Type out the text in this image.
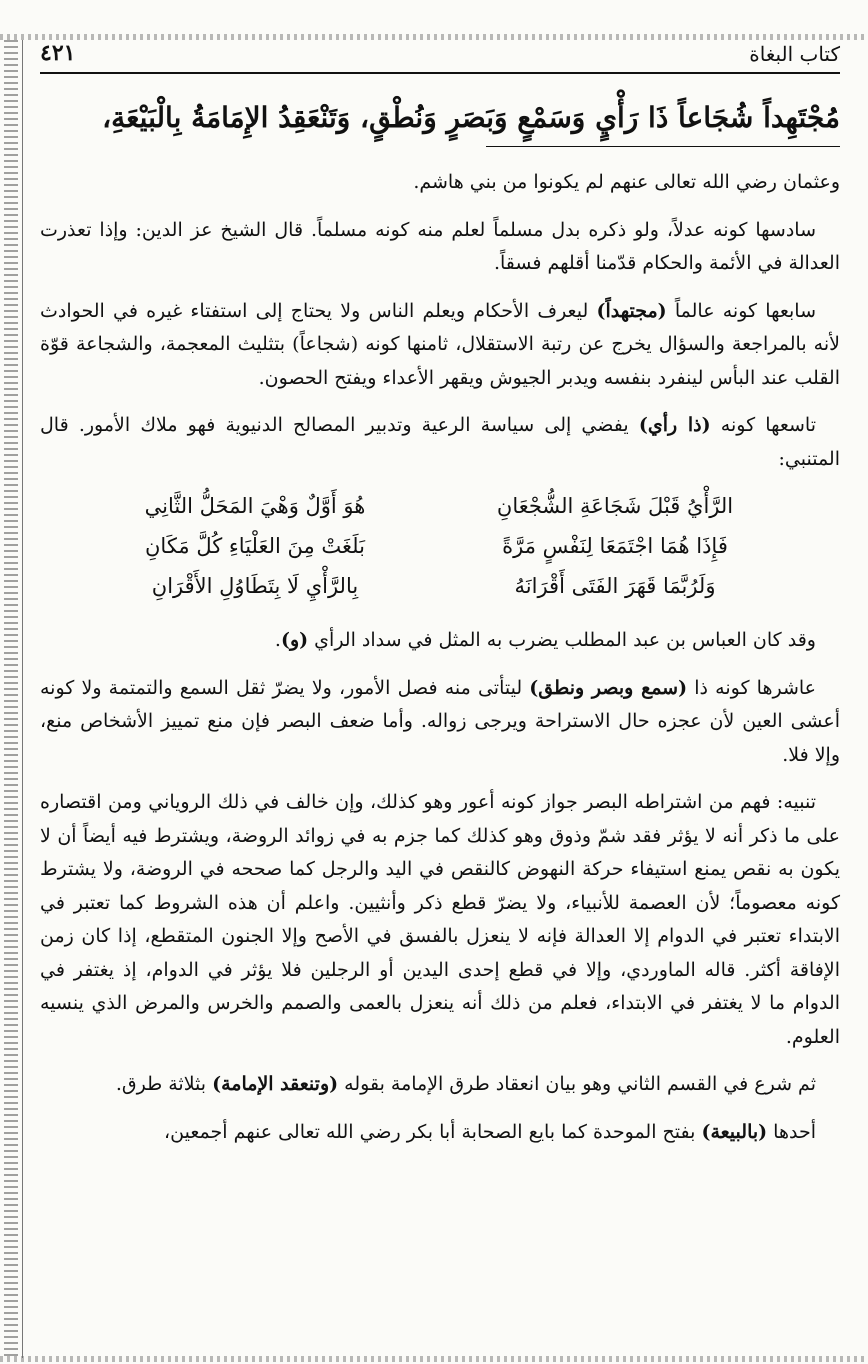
كتاب البغاة
٤٢١
مُجْتَهِداً شُجَاعاً ذَا رَأْيٍ وَسَمْعٍ وَبَصَرٍ وَنُطْقٍ، وَتَنْعَقِدُ الإِمَامَةُ بِالْبَيْعَةِ،

وعثمان رضي الله تعالى عنهم لم يكونوا من بني هاشم.

سادسها كونه عدلاً، ولو ذكره بدل مسلماً لعلم منه كونه مسلماً. قال الشيخ عز الدين: وإذا تعذرت العدالة في الأئمة والحكام قدّمنا أقلهم فسقاً.

سابعها كونه عالماً (مجتهداً) ليعرف الأحكام ويعلم الناس ولا يحتاج إلى استفتاء غيره في الحوادث لأنه بالمراجعة والسؤال يخرج عن رتبة الاستقلال، ثامنها كونه (شجاعاً) بتثليث المعجمة، والشجاعة قوّة القلب عند البأس لينفرد بنفسه ويدبر الجيوش ويقهر الأعداء ويفتح الحصون.

تاسعها كونه (ذا رأي) يفضي إلى سياسة الرعية وتدبير المصالح الدنيوية فهو ملاك الأمور. قال المتنبي:

الرَّأْيُ قَبْلَ شَجَاعَةِ الشُّجْعَانِ
هُوَ أَوَّلٌ وَهْيَ المَحَلُّ الثَّانِي
فَإِذَا هُمَا اجْتَمَعَا لِنَفْسٍ مَرَّةً
بَلَغَتْ مِنَ العَلْيَاءِ كُلَّ مَكَانِ
وَلَرُبَّمَا قَهَرَ الفَتَى أَقْرَانَهُ
بِالرَّأْيِ لَا بِتَطَاوُلِ الأَقْرَانِ

وقد كان العباس بن عبد المطلب يضرب به المثل في سداد الرأي (و).

عاشرها كونه ذا (سمع وبصر ونطق) ليتأتى منه فصل الأمور، ولا يضرّ ثقل السمع والتمتمة ولا كونه أعشى العين لأن عجزه حال الاستراحة ويرجى زواله. وأما ضعف البصر فإن منع تمييز الأشخاص منع، وإلا فلا.

تنبيه: فهم من اشتراطه البصر جواز كونه أعور وهو كذلك، وإن خالف في ذلك الروياني ومن اقتصاره على ما ذكر أنه لا يؤثر فقد شمّ وذوق وهو كذلك كما جزم به في زوائد الروضة، ويشترط فيه أيضاً أن لا يكون به نقص يمنع استيفاء حركة النهوض كالنقص في اليد والرجل كما صححه في الروضة، ولا يشترط كونه معصوماً؛ لأن العصمة للأنبياء، ولا يضرّ قطع ذكر وأنثيين. واعلم أن هذه الشروط كما تعتبر في الابتداء تعتبر في الدوام إلا العدالة فإنه لا ينعزل بالفسق في الأصح وإلا الجنون المتقطع، إذا كان زمن الإفاقة أكثر. قاله الماوردي، وإلا في قطع إحدى اليدين أو الرجلين فلا يؤثر في الدوام، إذ يغتفر في الدوام ما لا يغتفر في الابتداء، فعلم من ذلك أنه ينعزل بالعمى والصمم والخرس والمرض الذي ينسيه العلوم.

ثم شرع في القسم الثاني وهو بيان انعقاد طرق الإمامة بقوله (وتنعقد الإمامة) بثلاثة طرق.

أحدها (بالبيعة) بفتح الموحدة كما بايع الصحابة أبا بكر رضي الله تعالى عنهم أجمعين،
